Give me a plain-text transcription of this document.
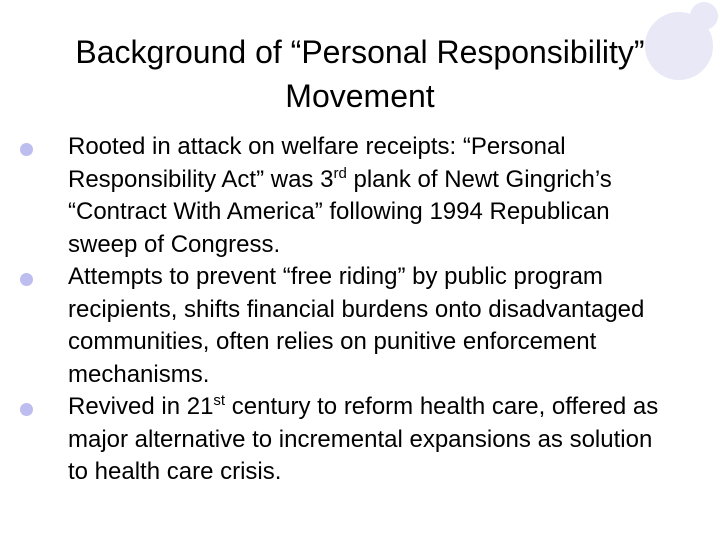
Background of “Personal Responsibility”
Movement
Rooted in attack on welfare receipts: “Personal Responsibility Act” was 3rd plank of Newt Gingrich’s “Contract With America” following 1994 Republican sweep of Congress.
Attempts to prevent “free riding” by public program recipients, shifts financial burdens onto disadvantaged communities, often relies on punitive enforcement mechanisms.
Revived in 21st century to reform health care, offered as major alternative to incremental expansions as solution to health care crisis.
